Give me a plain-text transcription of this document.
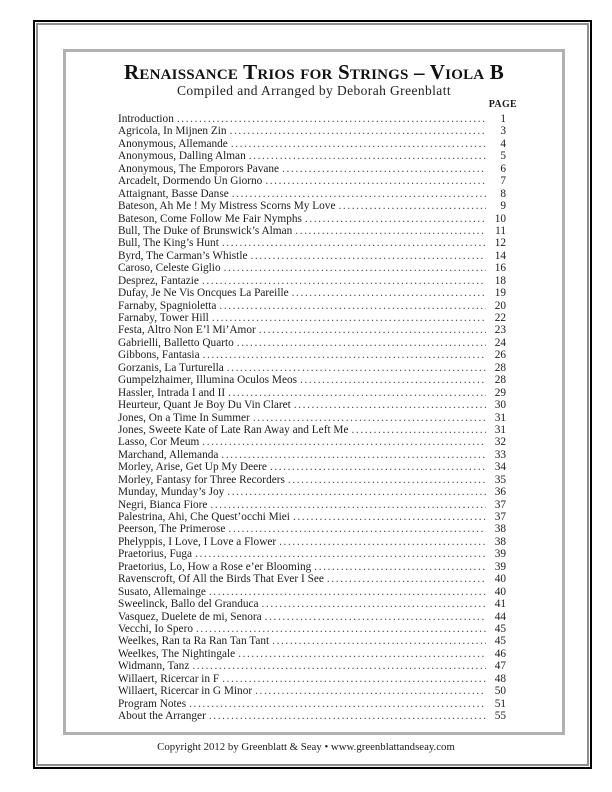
Renaissance Trios for Strings – Viola B
Compiled and Arranged by Deborah Greenblatt
PAGE
Introduction .....	1
Agricola, In Mijnen Zin .....	3
Anonymous, Allemande .....	4
Anonymous, Dalling Alman .....	5
Anonymous, The Emporors Pavane .....	6
Arcadelt, Dormendo Un Giorno .....	7
Attaignant, Basse Danse .....	8
Bateson, Ah Me ! My Mistress Scorns My Love .....	9
Bateson, Come Follow Me Fair Nymphs .....	10
Bull, The Duke of Brunswick’s Alman .....	11
Bull, The King’s Hunt .....	12
Byrd, The Carman’s Whistle .....	14
Caroso, Celeste Giglio .....	16
Desprez, Fantazie .....	18
Dufay, Je Ne Vis Oncques La Pareille .....	19
Farnaby, Spagnioletta .....	20
Farnaby, Tower Hill .....	22
Festa, Altro Non E’l Mi’Amor .....	23
Gabrielli, Balletto Quarto .....	24
Gibbons, Fantasia .....	26
Gorzanis, La Turturella .....	28
Gumpelzhaimer, Illumina Oculos Meos .....	28
Hassler, Intrada I and II .....	29
Heurteur, Quant Je Boy Du Vin Claret .....	30
Jones, On a Time In Summer .....	31
Jones, Sweete Kate of Late Ran Away and Left Me .....	31
Lasso, Cor Meum .....	32
Marchand, Allemanda .....	33
Morley, Arise, Get Up My Deere .....	34
Morley, Fantasy for Three Recorders .....	35
Munday, Munday’s Joy .....	36
Negri, Bianca Fiore .....	37
Palestrina, Ahi, Che Quest’occhi Miei .....	37
Peerson, The Primerose .....	38
Phelyppis, I Love, I Love a Flower .....	38
Praetorius, Fuga .....	39
Praetorius, Lo, How a Rose e’er Blooming .....	39
Ravenscroft, Of All the Birds That Ever I See .....	40
Susato, Allemainge .....	40
Sweelinck, Ballo del Granduca .....	41
Vasquez, Duelete de mi, Senora .....	44
Vecchi, Io Spero .....	45
Weelkes, Ran ta Ra Ran Tan Tant .....	45
Weelkes, The Nightingale .....	46
Widmann, Tanz .....	47
Willaert, Ricercar in F .....	48
Willaert, Ricercar in G Minor .....	50
Program Notes .....	51
About the Arranger .....	55
Copyright 2012 by Greenblatt & Seay • www.greenblattandseay.com
